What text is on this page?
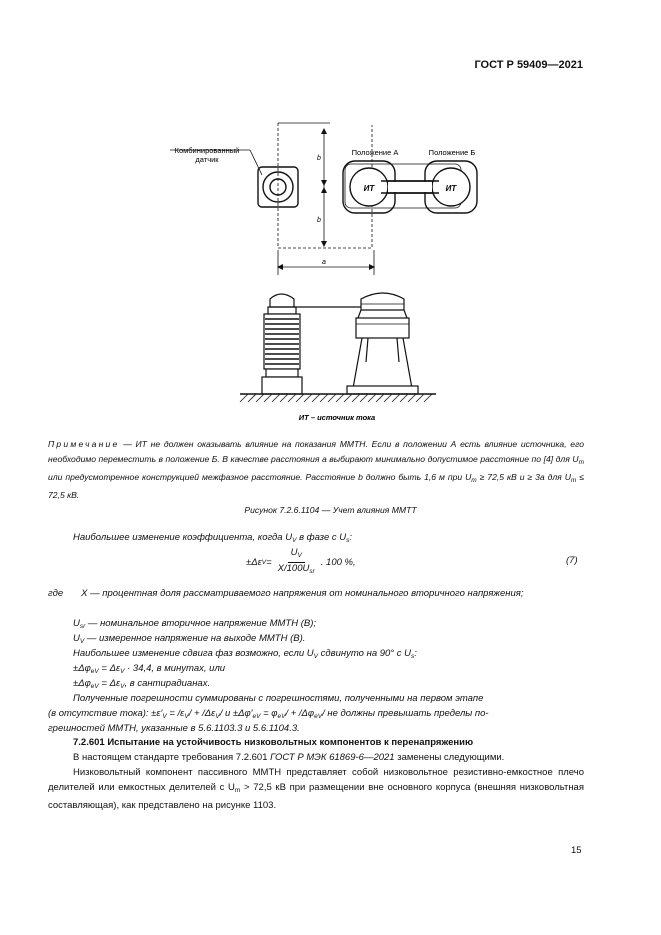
ГОСТ Р 59409—2021
Комбинированный
датчик	b
b
a
Положение А	Положение Б
ИТ	ИТ
ИТ – источник тока
Примечание — ИТ не должен оказывать влияние на показания ММТН. Если в положении А есть влияние источника, его необходимо переместить в положение Б. В качестве расстояния а выбирают минимально допустимое расстояние по [4] для $U_m$ или предусмотренное конструкцией межфазное расстояние. Расстояние b должно быть 1,6 м при $U_m \ge 72,5$ кВ и ≥ 3a для $U_m \le 72,5$ кВ.
Рисунок 7.2.6.1104 — Учет влияния ММТТ
Наибольшее изменение коэффициента, когда $U_V$ в фазе с $U_s$:
±Δε $V = \frac{U_V}{X/100U_{sr}}$ . 100 %,	(7)
где X — процентная доля рассматриваемого напряжения от номинального вторичного напряжения;
$U_{sr}$ — номинальное вторичное напряжение ММТН (В);
$U_V$ — измеренное напряжение на выходе ММТН (В).
Наибольшее изменение сдвига фаз возможно, если $U_V$ сдвинуто на 90° с $U_s$:
$\pm\Delta\varphi_{eV} = \Delta\varepsilon_V \cdot 34,4$, в минутах, или
$\pm\Delta\varphi_{eV} = \Delta\varepsilon_V$, в сантирадианах.
Полученные погрешности суммированы с погрешностями, полученными на первом этапе
(в отсутствие тока): $\pm\varepsilon'_V = /\varepsilon_V/ + /\Delta\varepsilon_V/$ $и \pm\Delta\varphi'_{eV} = \varphi_{eV}/ + /\Delta\varphi_{eV}/$ не должны превышать пределы по-
грешностей ММТН, указанные в 5.6.1103.3 и 5.6.1104.3.
7.2.601 Испытание на устойчивость низковольтных компонентов к перенапряжению
В настоящем стандарте требования 7.2.601 ГОСТ Р МЭК 61869-6—2021 заменены следующими.
Низковольтный компонент пассивного ММТН представляет собой низковольтное резистивно-емкостное плечо делителей или емкостных делителей с $U_m > 72,5$ кВ при размещении вне основного корпуса (внешняя низковольтная составляющая), как представлено на рисунке 1103.
15
